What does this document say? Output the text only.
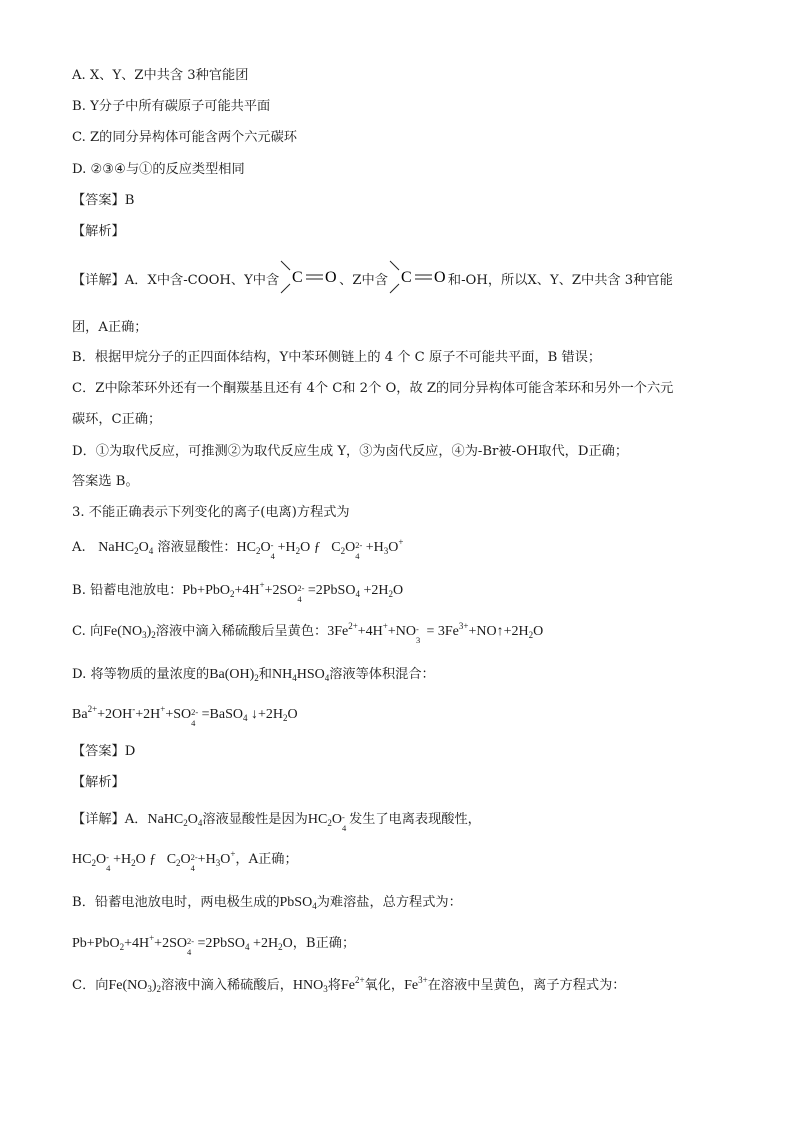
A. X、Y、Z中共含 3种官能团
B. Y分子中所有碳原子可能共平面
C. Z的同分异构体可能含两个六元碳环
D. ②③④与①的反应类型相同
【答案】B
【解析】
【详解】A．X中含-COOH、Y中含 C O 、Z中含 C O 和-OH，所以X、Y、Z中共含 3种官能
团，A正确；
B．根据甲烷分子的正四面体结构，Y中苯环侧链上的 4 个 C 原子不可能共平面，B 错误；
C．Z中除苯环外还有一个酮羰基且还有 4个 C和 2个 O，故 Z的同分异构体可能含苯环和另外一个六元
碳环，C正确；
D．①为取代反应，可推测②为取代反应生成 Y，③为卤代反应，④为-Br被-OH取代，D正确；
答案选 B。
3. 不能正确表示下列变化的离子(电离)方程式为
A. $NaHC_2O_4$ 溶液显酸性：$HC_2O$ -
4
$+H_2O$ ƒ   $C_2O$ 2-
4
$+H_3O^+$
B. 铅蓄电池放电：Pb+PbO$_2$+4H++2SO 2-
4
=2PbSO$_4$ $+2H_2O$
C. 向$Fe(NO_3)_2$溶液中滴入稀硫酸后呈黄色：$3Fe^{2+}+4H^++NO$ -
3
= $3Fe^{3+}+NO↑+2H_2O$
D. 将等物质的量浓度的$Ba(OH)_2$和$NH_4HSO_4$溶液等体积混合：
$Ba^{2+}+2OH^-+2H^++SO$ 2-
4
=BaSO$_4$ $↓+2H_2O$
【答案】D
【解析】
【详解】A．$NaHC_2O_4$溶液显酸性是因为$HC_2O$ -
4
发生了电离表现酸性，
$HC_2O$ -
4
$+H_2O$ ƒ   $C_2O$ 2-
4
$+H_3O^+$，A正确；
B．铅蓄电池放电时，两电极生成的PbSO$_4$为难溶盐，总方程式为：
Pb+PbO$_2$+4H++2SO 2-
4
=2PbSO$_4$ $+2H_2O$，B正确；
C．向$Fe(NO_3)_2$溶液中滴入稀硫酸后，$HNO_3$将$Fe^{2+}$氧化，$Fe^{3+}$在溶液中呈黄色，离子方程式为：
